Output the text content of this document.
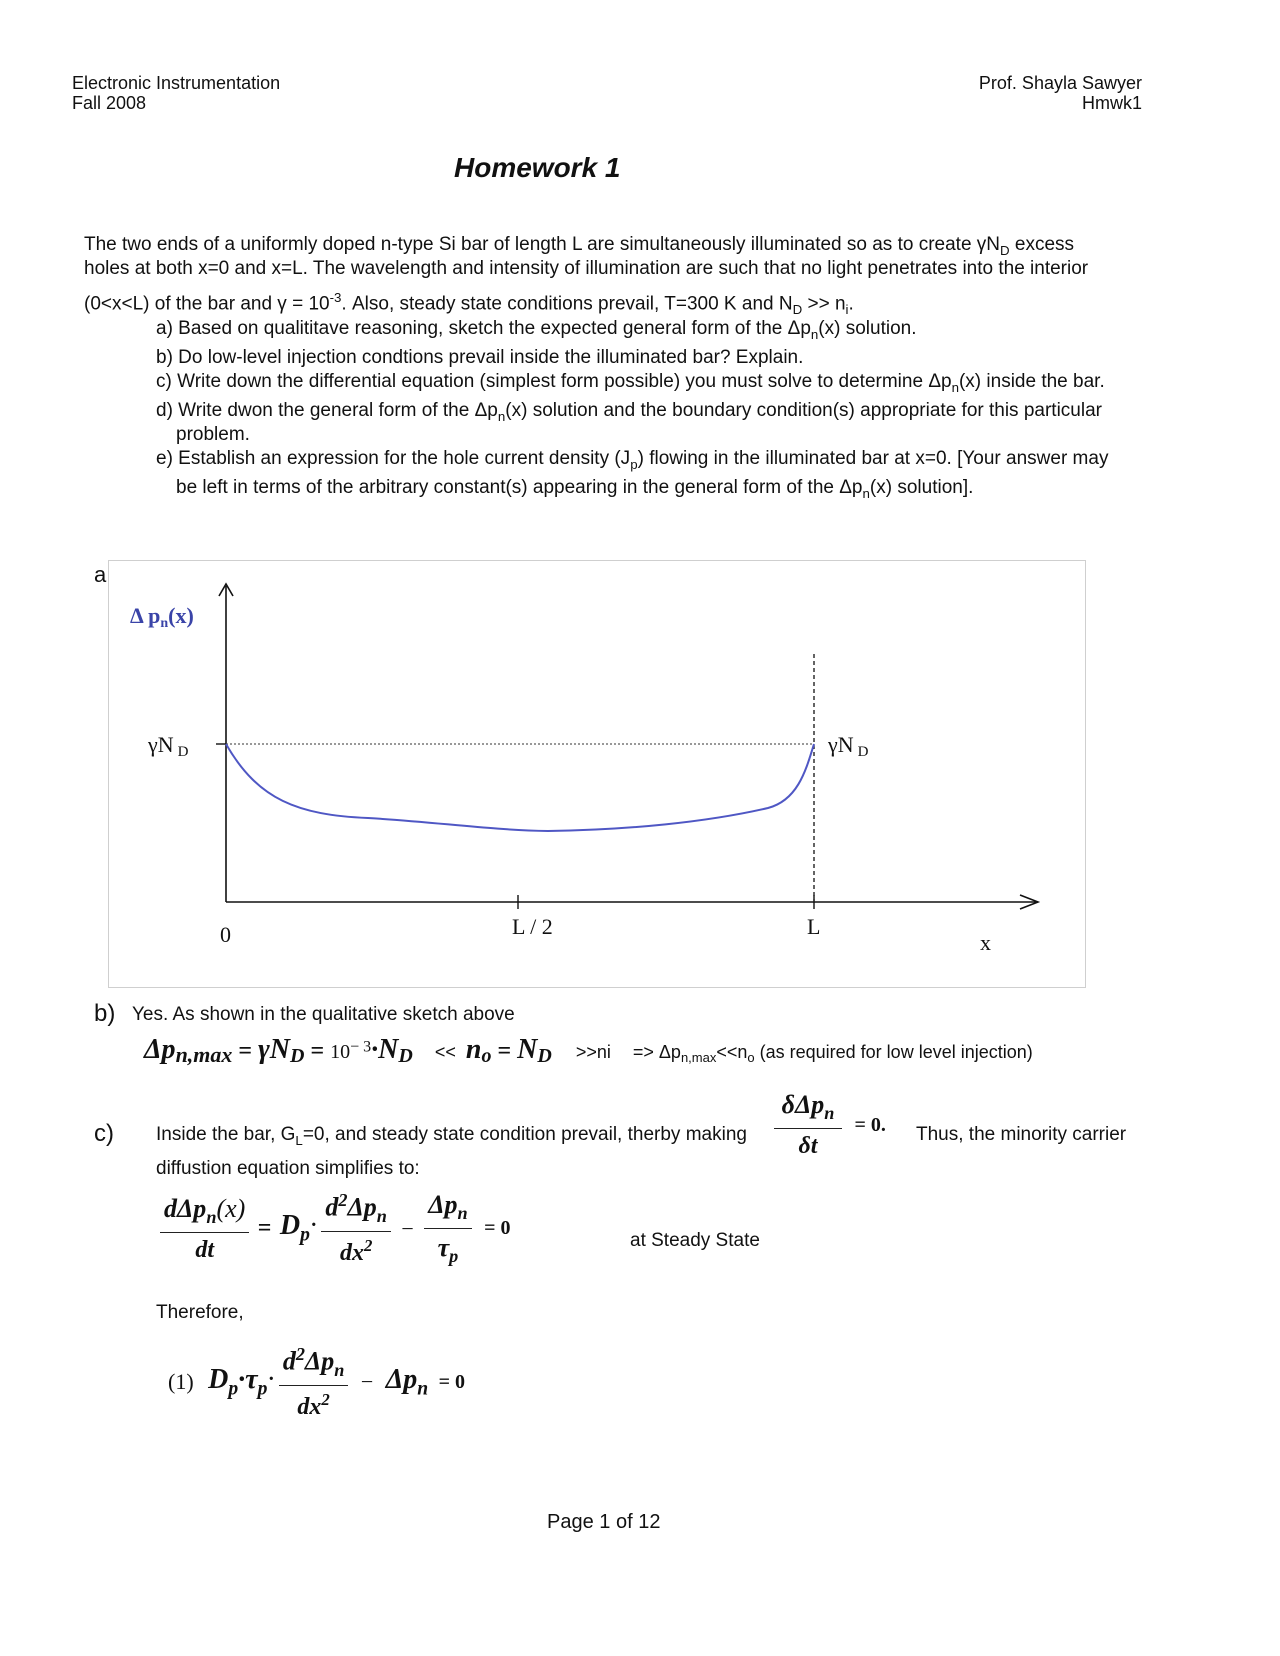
Electronic Instrumentation
Fall 2008
Prof. Shayla Sawyer
Hmwk1
Homework 1
The two ends of a uniformly doped n-type Si bar of length L are simultaneously illuminated so as to create $\gamma N_D$ excess
holes at both x=0 and x=L. The wavelength and intensity of illumination are such that no light penetrates into the interior
(0<x<L) of the bar and $\gamma = 10^{-3}$. Also, steady state conditions prevail, T=300 K and $N_D >> n_i$.
a) Based on qualititave reasoning, sketch the expected general form of the $\Delta p_n(x)$ solution.
b) Do low-level injection condtions prevail inside the illuminated bar? Explain.
c) Write down the differential equation (simplest form possible) you must solve to determine $\Delta p_n(x)$ inside the bar.
d) Write dwon the general form of the $\Delta p_n(x)$ solution and the boundary condition(s) appropriate for this particular
problem.
e) Establish an expression for the hole current density $(J_p)$ flowing in the illuminated bar at x=0. [Your answer may
be left in terms of the arbitrary constant(s) appearing in the general form of the $\Delta p_n(x)$ solution].
a
Δ pn(x)
γN D	γN D
0	L / 2	L
x
b) Yes. As shown in the qualitative sketch above
$\Delta p_{n,max} = \gamma N_D = 10^{- 3}\cdot N_D << n_o = N_D >>ni => \Delta p_{n,max}<<n_o$ (as required for low level injection)
c) Inside the bar, $G_L=0$, and steady state condition prevail, therby making $\frac{\delta\Delta p_n}{\delta t} = 0$. Thus, the minority carrier
diffustion equation simplifies to:
$\frac{d\Delta p_n(x)}{dt} = D_p\cdot \frac{d^2\Delta p_n}{dx^2} - \frac{\Delta p_n}{\tau_p} = 0$
at Steady State
Therefore,
(1) $D_p\cdot\tau_p\cdot \frac{d^2\Delta p_n}{dx^2} - \Delta p_n = 0$
Page 1 of 12
